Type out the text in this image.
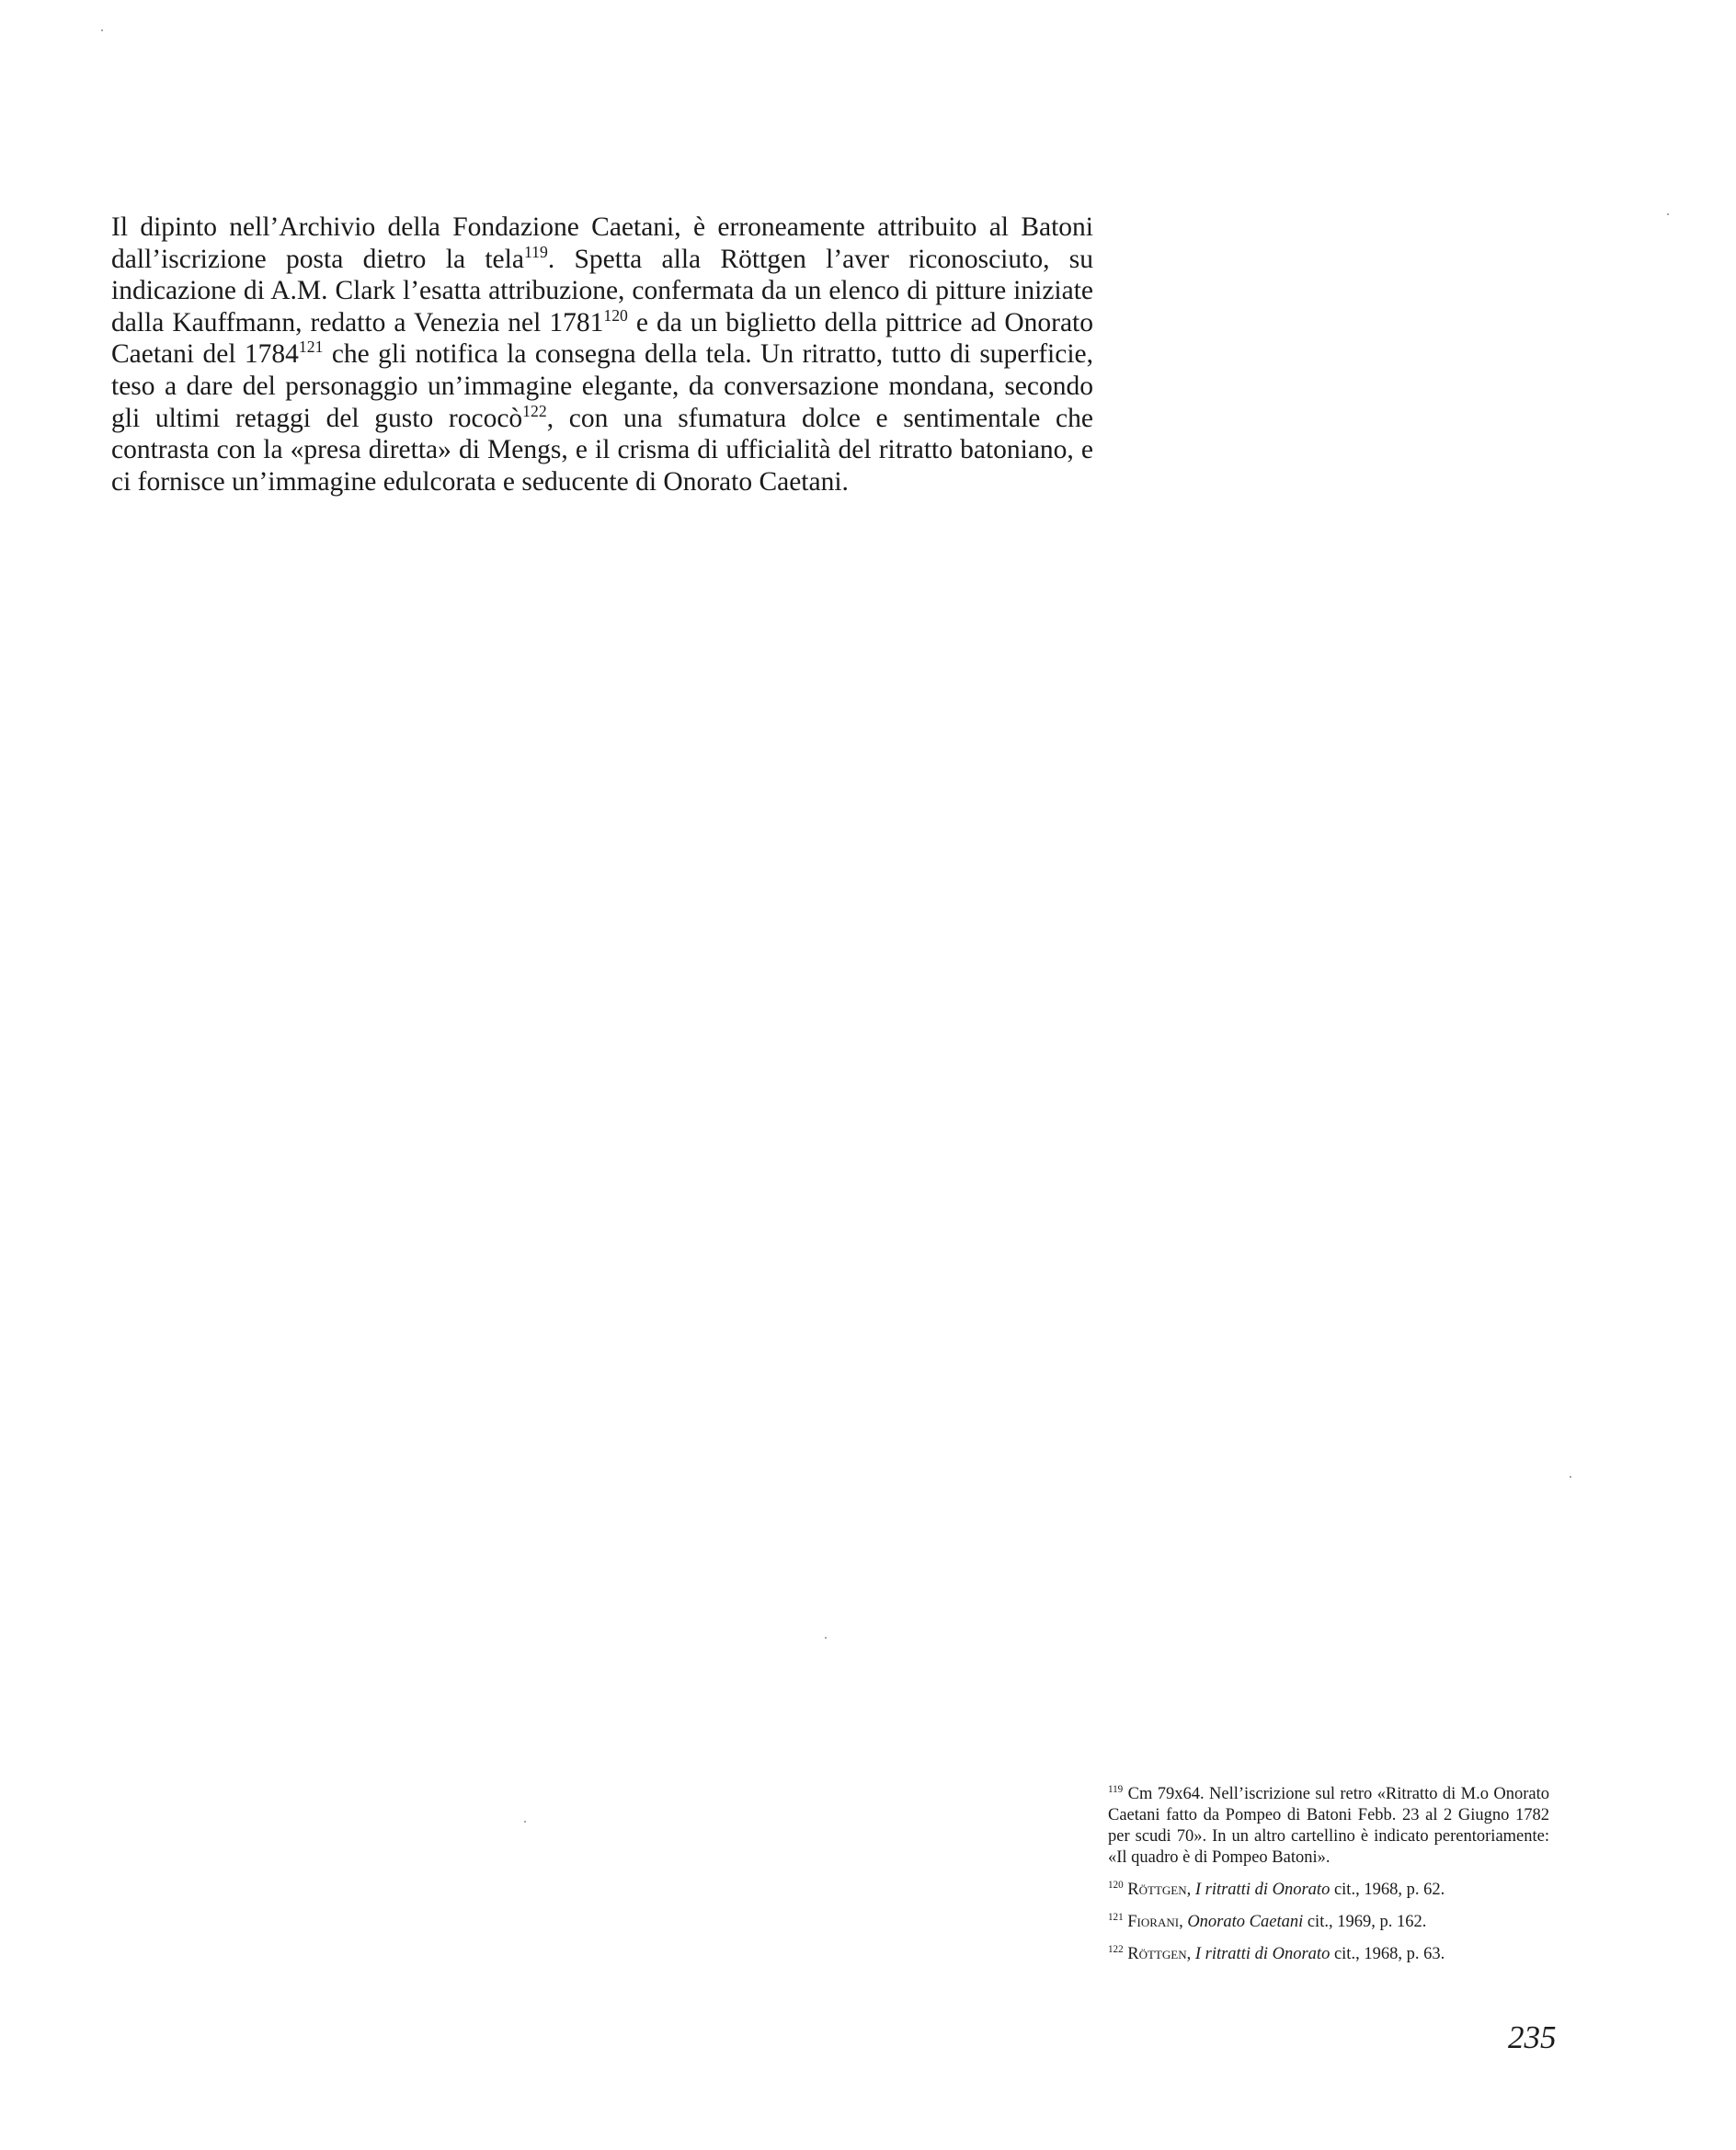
Il dipinto nell’Archivio della Fondazione Caetani, è erroneamente attribuito al Batoni dall’iscrizione posta dietro la tela$^{119}$. Spetta alla Röttgen l’aver riconosciuto, su indicazione di A.M. Clark l’esatta attribuzione, confermata da un elenco di pitture iniziate dalla Kauffmann, redatto a Venezia nel 1781$^{120}$ e da un biglietto della pittrice ad Onorato Caetani del 1784$^{121}$ che gli notifica la consegna della tela. Un ritratto, tutto di superficie, teso a dare del personaggio un’immagine elegante, da conversazione mondana, secondo gli ultimi retaggi del gusto rococò$^{122}$, con una sfumatura dolce e sentimentale che contrasta con la «presa diretta» di Mengs, e il crisma di ufficialità del ritratto batoniano, e ci fornisce un’immagine edulcorata e seducente di Onorato Caetani.

$^{119}$ Cm 79x64. Nell’iscrizione sul retro «Ritratto di M.o Onorato Caetani fatto da Pompeo di Batoni Febb. 23 al 2 Giugno 1782 per scudi 70». In un altro cartellino è indicato perentoriamente: «Il quadro è di Pompeo Batoni».

$^{120}$ Röttgen, I ritratti di Onorato cit., 1968, p. 62.

$^{121}$ Fiorani, Onorato Caetani cit., 1969, p. 162.

$^{122}$ Röttgen, I ritratti di Onorato cit., 1968, p. 63.

235
